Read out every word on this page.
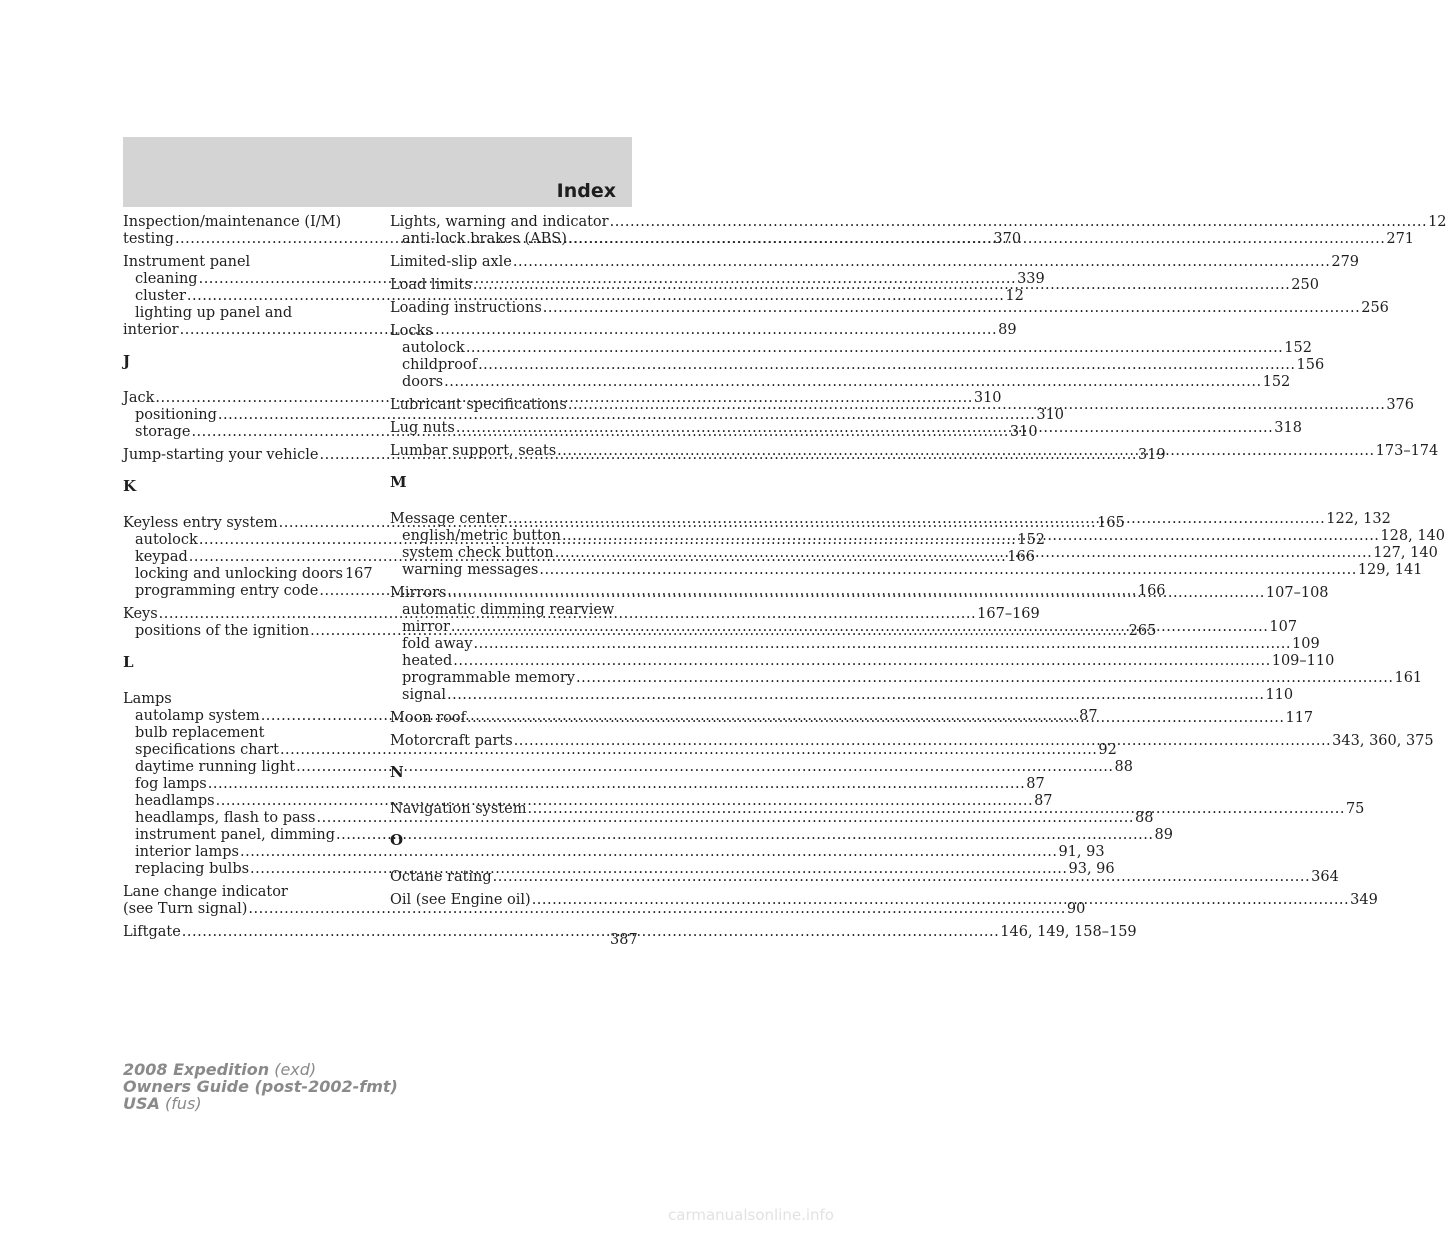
Index
Inspection/maintenance (I/M)
testing .....	370
Instrument panel
cleaning .....	339
cluster .....	12
lighting up panel and
interior .....	89
J
Jack .....	310
positioning .....	310
storage .....	310
Jump-starting your vehicle .....	319
K
Keyless entry system .....	165
autolock .....	152
keypad .....	166
locking and unlocking doors 167
programming entry code .....	166
Keys .....	167–169
positions of the ignition .....	265
L
Lamps
autolamp system .....	87
bulb replacement
specifications chart .....	92
daytime running light .....	88
fog lamps .....	87
headlamps .....	87
headlamps, flash to pass .....	88
instrument panel, dimming .....	89
interior lamps .....	91, 93
replacing bulbs .....	93, 96
Lane change indicator
(see Turn signal) .....	90
Liftgate .....	146, 149, 158–159
Lights, warning and indicator .....	12
anti-lock brakes (ABS) .....	271
Limited-slip axle .....	279
Load limits .....	250
Loading instructions .....	256
Locks
autolock .....	152
childproof .....	156
doors .....	152
Lubricant specifications .....	376
Lug nuts .....	318
Lumbar support, seats .....	173–174
M
Message center .....	122, 132
english/metric button .....	128, 140
system check button .....	127, 140
warning messages .....	129, 141
Mirrors .....	107–108
automatic dimming rearview
mirror .....	107
fold away .....	109
heated .....	109–110
programmable memory .....	161
signal .....	110
Moon roof .....	117
Motorcraft parts .....	343, 360, 375
N
Navigation system .....	75
O
Octane rating .....	364
Oil (see Engine oil) .....	349
387
2008 Expedition (exd)
Owners Guide (post-2002-fmt)
USA (fus)
carmanualsonline.info
